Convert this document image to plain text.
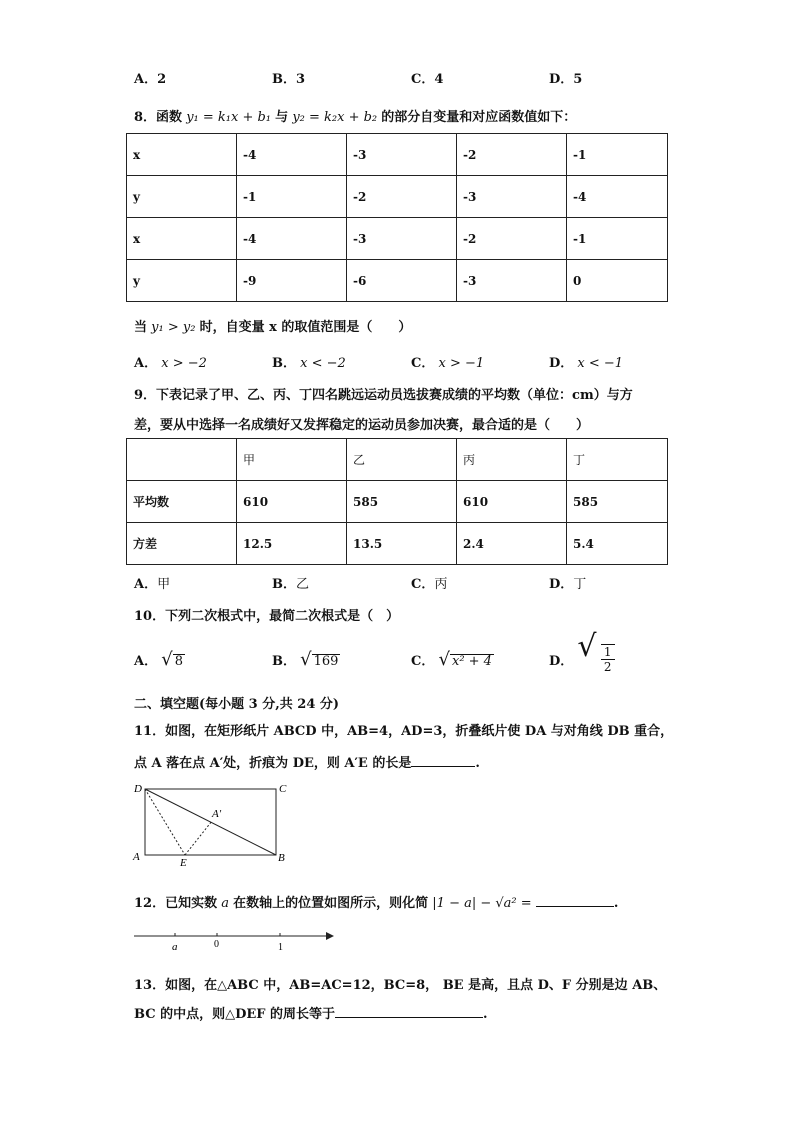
A．2	B．3	C．4	D．5
8．函数 y₁ = k₁x + b₁ 与 y₂ = k₂x + b₂ 的部分自变量和对应函数值如下：
x	-4	-3	-2	-1
y	-1	-2	-3	-4
x	-4	-3	-2	-1
y	-9	-6	-3	0
当 y₁ > y₂ 时，自变量 x 的取值范围是（　　）
A． x > −2	B． x < −2	C． x > −1	D． x < −1
9．下表记录了甲、乙、丙、丁四名跳远运动员选拔赛成绩的平均数（单位：cm）与方
差，要从中选择一名成绩好又发挥稳定的运动员参加决赛，最合适的是（　　）
	甲	乙	丙	丁
平均数	610	585	610	585
方差	12.5	13.5	2.4	5.4
A．甲	B．乙	C．丙	D．丁
10．下列二次根式中，最简二次根式是（　）
A． √ 8	B． √ 169	C． √ x² + 4	D． √ $\frac{1}{2}$
二、填空题(每小题 3 分,共 24 分)
11．如图，在矩形纸片 ABCD 中，AB=4，AD=3，折叠纸片使 DA 与对角线 DB 重合，
点 A 落在点 A′处，折痕为 DE，则 A′E 的长是	.
D	C
A	B
E
A′
12．已知实数 a 在数轴上的位置如图所示，则化简 |1 − a| − √a² =	.
a	0	1
13．如图，在△ABC 中，AB=AC=12，BC=8， BE 是高，且点 D、F 分别是边 AB、
BC 的中点，则△DEF 的周长等于	.
